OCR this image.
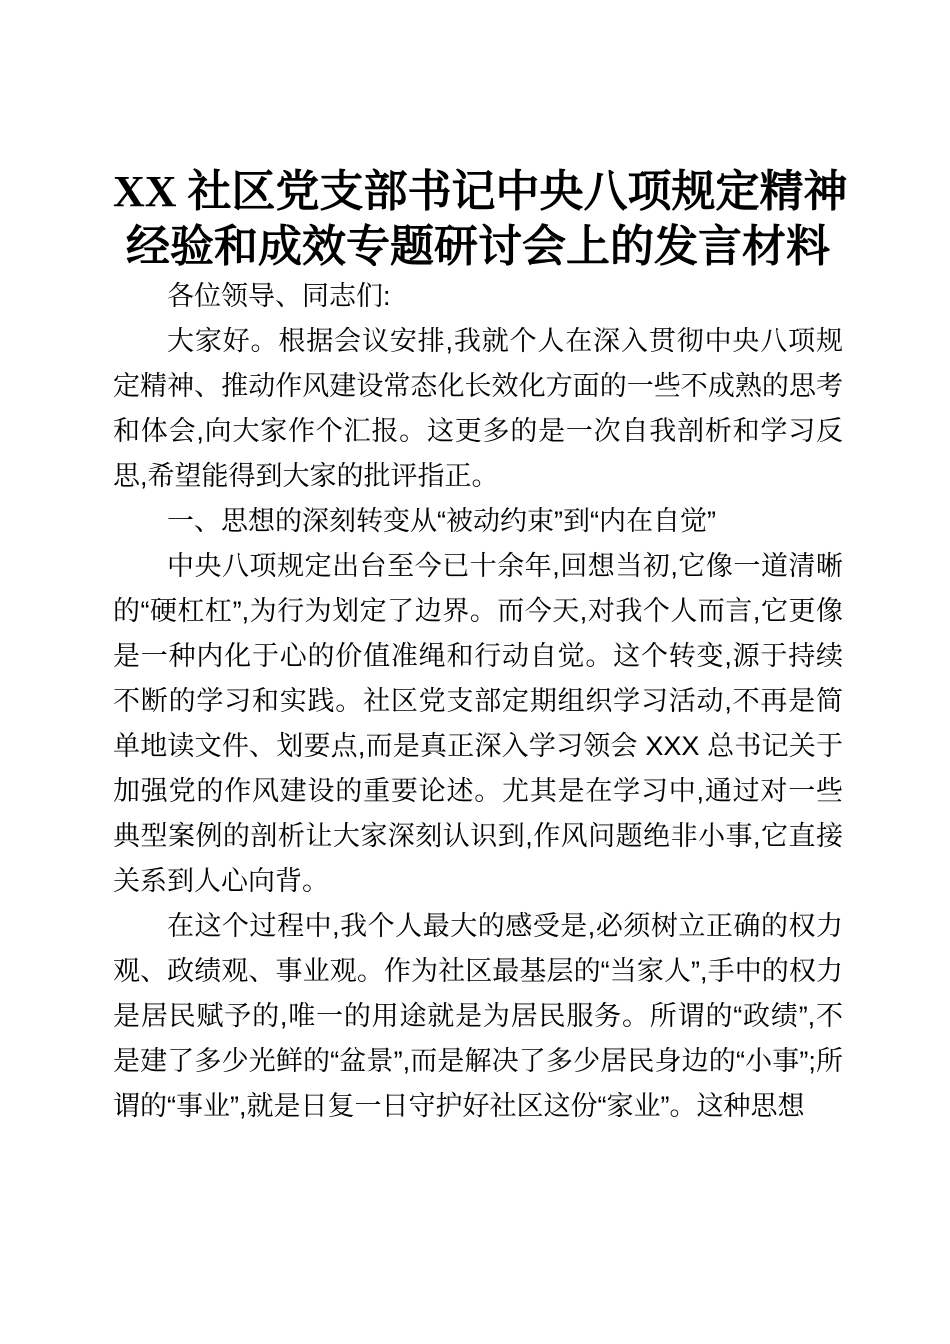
XX 社区党支部书记中央八项规定精神
经验和成效专题研讨会上的发言材料

各位领导、同志们:

大家好。根据会议安排,我就个人在深入贯彻中央八项规定精神、推动作风建设常态化长效化方面的一些不成熟的思考和体会,向大家作个汇报。这更多的是一次自我剖析和学习反思,希望能得到大家的批评指正。

一、思想的深刻转变从“被动约束”到“内在自觉”

中央八项规定出台至今已十余年,回想当初,它像一道清晰的“硬杠杠”,为行为划定了边界。而今天,对我个人而言,它更像是一种内化于心的价值准绳和行动自觉。这个转变,源于持续不断的学习和实践。社区党支部定期组织学习活动,不再是简单地读文件、划要点,而是真正深入学习领会 XXX 总书记关于加强党的作风建设的重要论述。尤其是在学习中,通过对一些典型案例的剖析让大家深刻认识到,作风问题绝非小事,它直接关系到人心向背。

在这个过程中,我个人最大的感受是,必须树立正确的权力观、政绩观、事业观。作为社区最基层的“当家人”,手中的权力是居民赋予的,唯一的用途就是为居民服务。所谓的“政绩”,不是建了多少光鲜的“盆景”,而是解决了多少居民身边的“小事”;所谓的“事业”,就是日复一日守护好社区这份“家业”。这种思想
